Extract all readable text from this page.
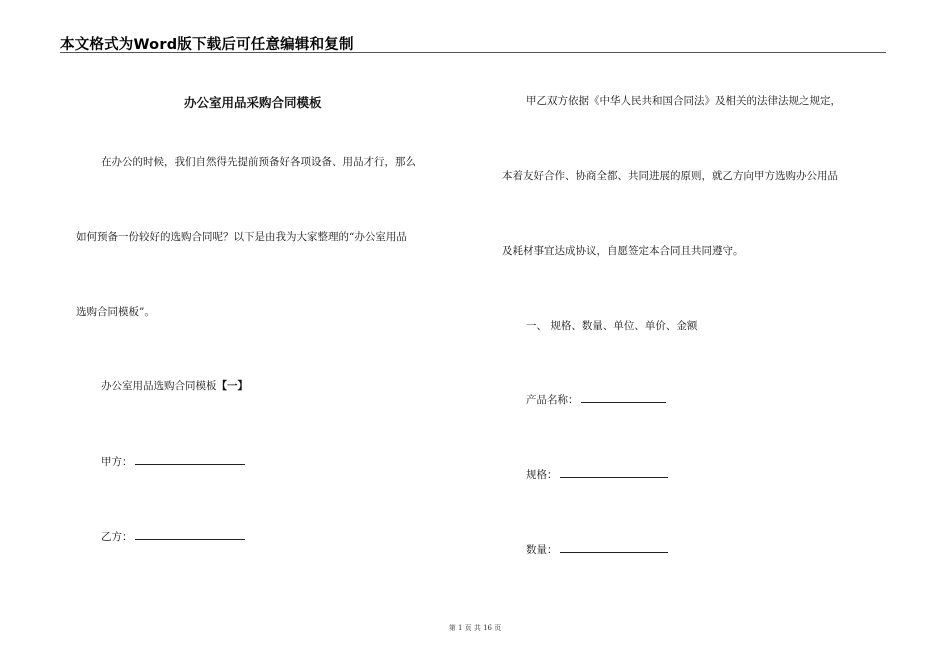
本文格式为Word版下载后可任意编辑和复制
办公室用品采购合同模板
在办公的时候，我们自然得先提前预备好各项设备、用品才行，那么
如何预备一份较好的选购合同呢？以下是由我为大家整理的“办公室用品
选购合同模板”。
办公室用品选购合同模板【一】
甲方：
乙方：
甲乙双方依据《中华人民共和国合同法》及相关的法律法规之规定，
本着友好合作、协商全都、共同进展的原则，就乙方向甲方选购办公用品
及耗材事宜达成协议，自愿签定本合同且共同遵守。
一、 规格、数量、单位、单价、金额
产品名称：
规格：
数量：
第 1 页 共 16 页
